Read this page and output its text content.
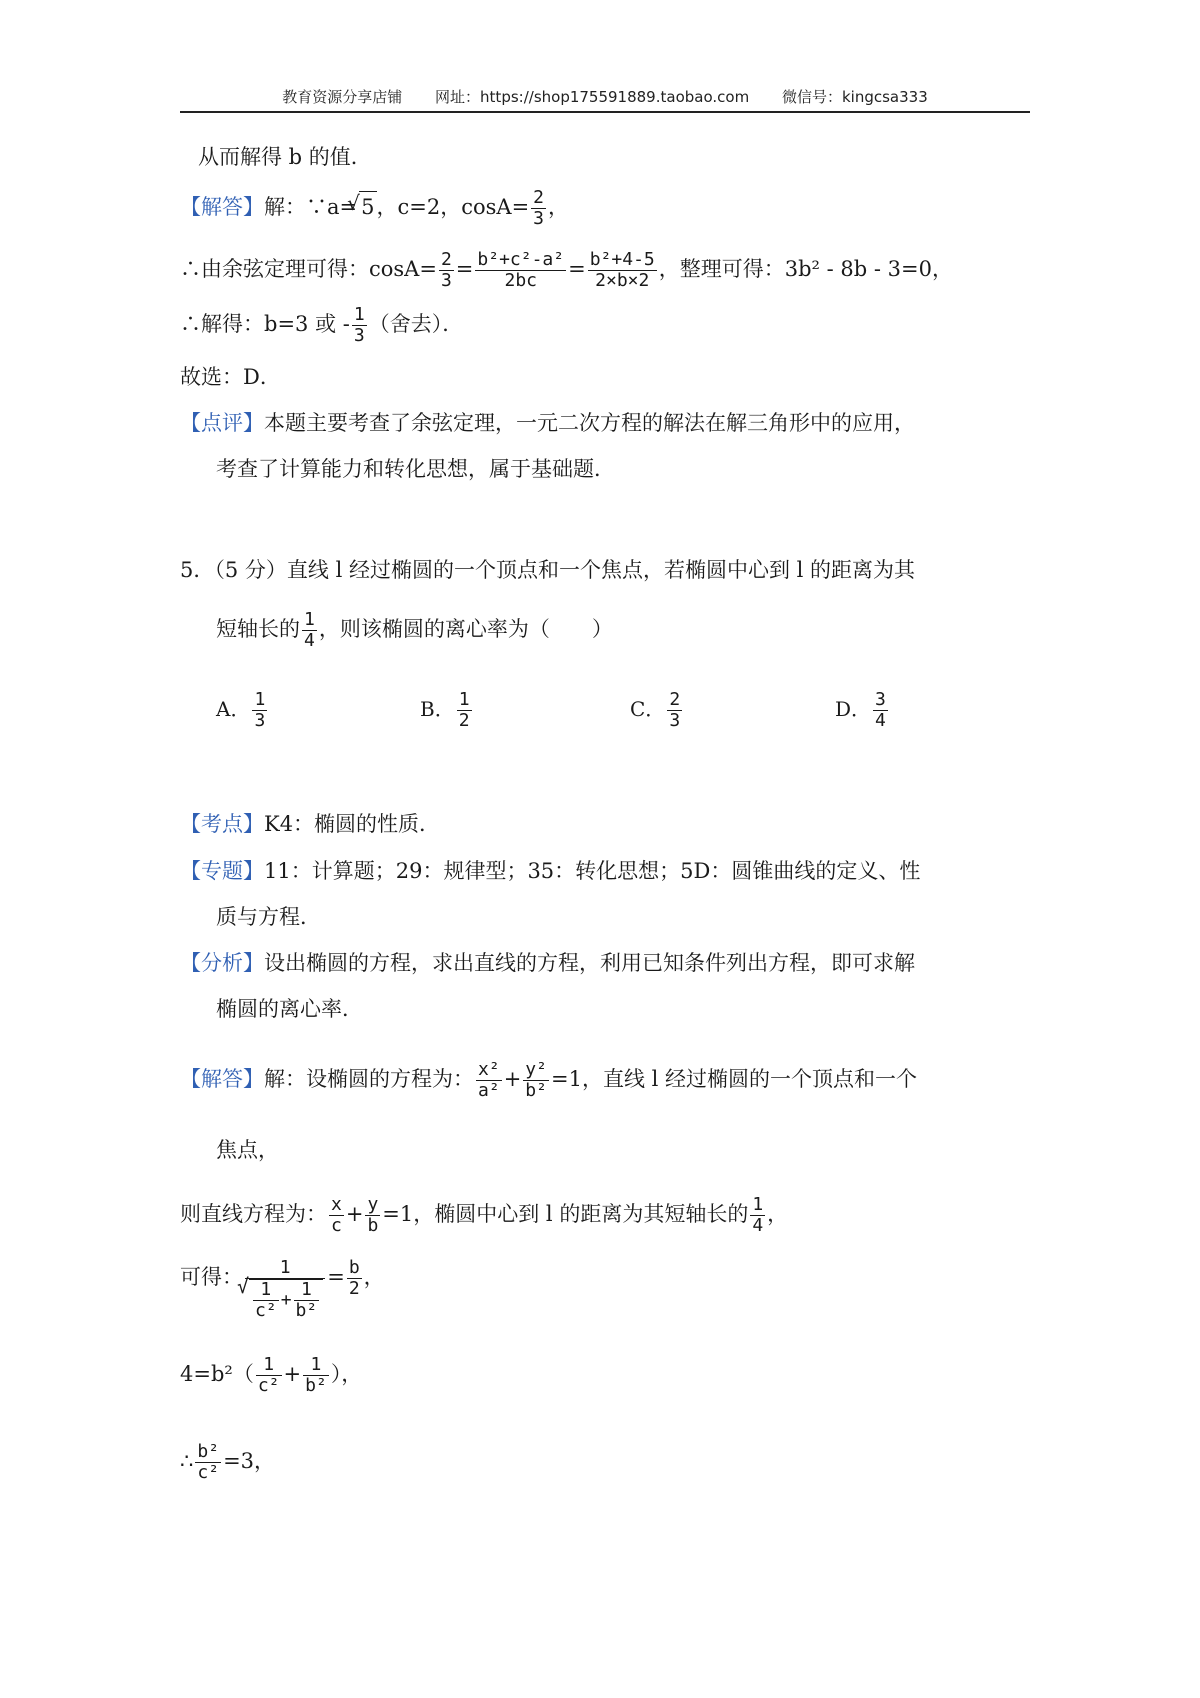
教育资源分享店铺 网址：https://shop175591889.taobao.com 微信号：kingcsa333
从而解得 b 的值．
【解答】解：∵a=√ 5，c=2，$\cos A= \frac{2}{3}$ ，
∴由余弦定理可得：$\cos A= \frac{2}{3} = \frac{\text{b²+c²-a²}}{2bc} = \frac{\text{b²+4-5}}{2\times b\times 2}$ ，整理可得：3b² - 8b - 3=0，
∴解得：b=3 或 - $\frac{1}{3}$ （舍去）．
故选：D．
【点评】本题主要考查了余弦定理，一元二次方程的解法在解三角形中的应用，
考查了计算能力和转化思想，属于基础题．
5．（5 分）直线 l 经过椭圆的一个顶点和一个焦点，若椭圆中心到 l 的距离为其
短轴长的 $\frac{1}{4}$ ，则该椭圆的离心率为（　　）
A． $\frac{1}{3}$	B． $\frac{1}{2}$	C． $\frac{2}{3}$	D． $\frac{3}{4}$
【考点】K4：椭圆的性质．
【专题】11：计算题；29：规律型；35：转化思想；5D：圆锥曲线的定义、性
质与方程．
【分析】设出椭圆的方程，求出直线的方程，利用已知条件列出方程，即可求解
椭圆的离心率．
【解答】解：设椭圆的方程为： $\frac{\text{x²}}{\text{a²}} + \frac{\text{y²}}{\text{b²}} =1$，直线 l 经过椭圆的一个顶点和一个
焦点，
则直线方程为： $\frac{x}{c} + \frac{y}{b} =1$，椭圆中心到 l 的距离为其短轴长的 $\frac{1}{4}$ ，
可得： 1
√ $\frac{1}{\text{c²}} + \frac{1}{\text{b²}} = \frac{b}{2}$ ，
$4=b^2( \frac{1}{\text{c²}} + \frac{1}{\text{b²}}$ ），
∴ $\frac{\text{b²}}{\text{c²}} =3$，
